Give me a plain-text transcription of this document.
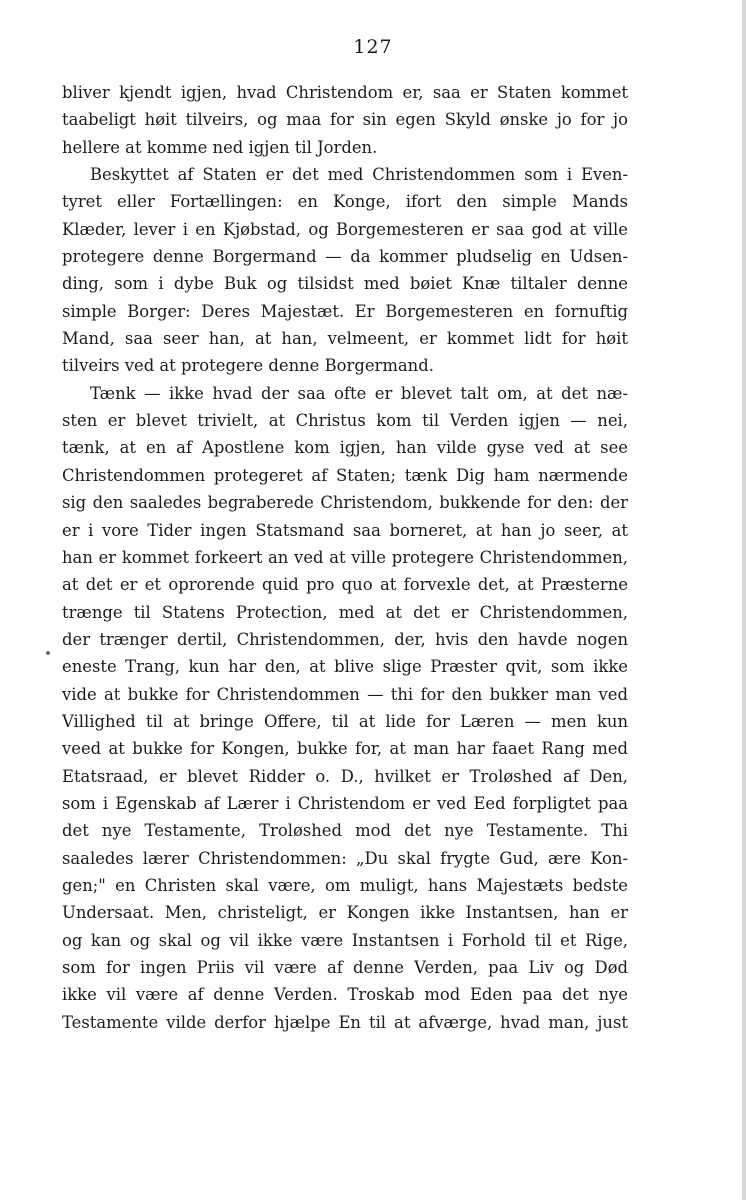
127
bliver kjendt igjen, hvad Christendom er, saa er Staten kommet
taabeligt høit tilveirs, og maa for sin egen Skyld ønske jo for jo
hellere at komme ned igjen til Jorden.
Beskyttet af Staten er det med Christendommen som i Even-
tyret eller Fortællingen: en Konge, ifort den simple Mands
Klæder, lever i en Kjøbstad, og Borgemesteren er saa god at ville
protegere denne Borgermand — da kommer pludselig en Udsen-
ding, som i dybe Buk og tilsidst med bøiet Knæ tiltaler denne
simple Borger: Deres Majestæt. Er Borgemesteren en fornuftig
Mand, saa seer han, at han, velmeent, er kommet lidt for høit
tilveirs ved at protegere denne Borgermand.
Tænk — ikke hvad der saa ofte er blevet talt om, at det næ-
sten er blevet trivielt, at Christus kom til Verden igjen — nei,
tænk, at en af Apostlene kom igjen, han vilde gyse ved at see
Christendommen protegeret af Staten; tænk Dig ham nærmende
sig den saaledes begraberede Christendom, bukkende for den: der
er i vore Tider ingen Statsmand saa borneret, at han jo seer, at
han er kommet forkeert an ved at ville protegere Christendommen,
at det er et oprorende quid pro quo at forvexle det, at Præsterne
trænge til Statens Protection, med at det er Christendommen,
der trænger dertil, Christendommen, der, hvis den havde nogen
eneste Trang, kun har den, at blive slige Præster qvit, som ikke
vide at bukke for Christendommen — thi for den bukker man ved
Villighed til at bringe Offere, til at lide for Læren — men kun
veed at bukke for Kongen, bukke for, at man har faaet Rang med
Etatsraad, er blevet Ridder o. D., hvilket er Troløshed af Den,
som i Egenskab af Lærer i Christendom er ved Eed forpligtet paa
det nye Testamente, Troløshed mod det nye Testamente. Thi
saaledes lærer Christendommen: „Du skal frygte Gud, ære Kon-
gen;" en Christen skal være, om muligt, hans Majestæts bedste
Undersaat. Men, christeligt, er Kongen ikke Instantsen, han er
og kan og skal og vil ikke være Instantsen i Forhold til et Rige,
som for ingen Priis vil være af denne Verden, paa Liv og Død
ikke vil være af denne Verden. Troskab mod Eden paa det nye
Testamente vilde derfor hjælpe En til at afværge, hvad man, just
